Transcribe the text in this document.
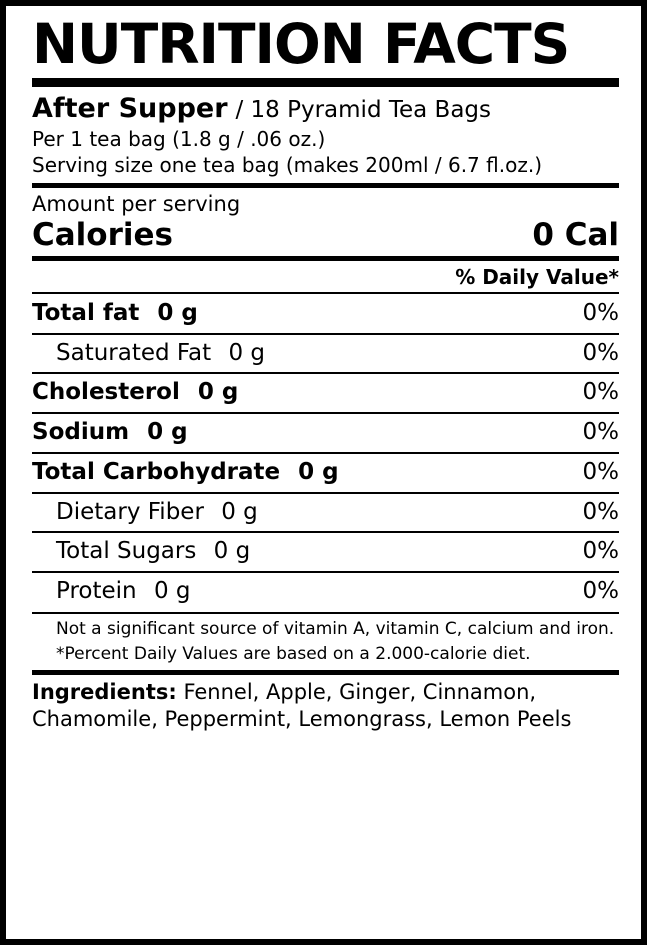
NUTRITION FACTS
After Supper / 18 Pyramid Tea Bags
Per 1 tea bag (1.8 g / .06 oz.)
Serving size one tea bag (makes 200ml / 6.7 fl.oz.)
Amount per serving
Calories	0 Cal
% Daily Value*
Total fat 0 g	0%
Saturated Fat 0 g	0%
Cholesterol 0 g	0%
Sodium 0 g	0%
Total Carbohydrate 0 g	0%
Dietary Fiber 0 g	0%
Total Sugars 0 g	0%
Protein 0 g	0%
Not a significant source of vitamin A, vitamin C, calcium and iron.
*Percent Daily Values are based on a 2.000-calorie diet.
Ingredients: Fennel, Apple, Ginger, Cinnamon, Chamomile, Peppermint, Lemongrass, Lemon Peels
